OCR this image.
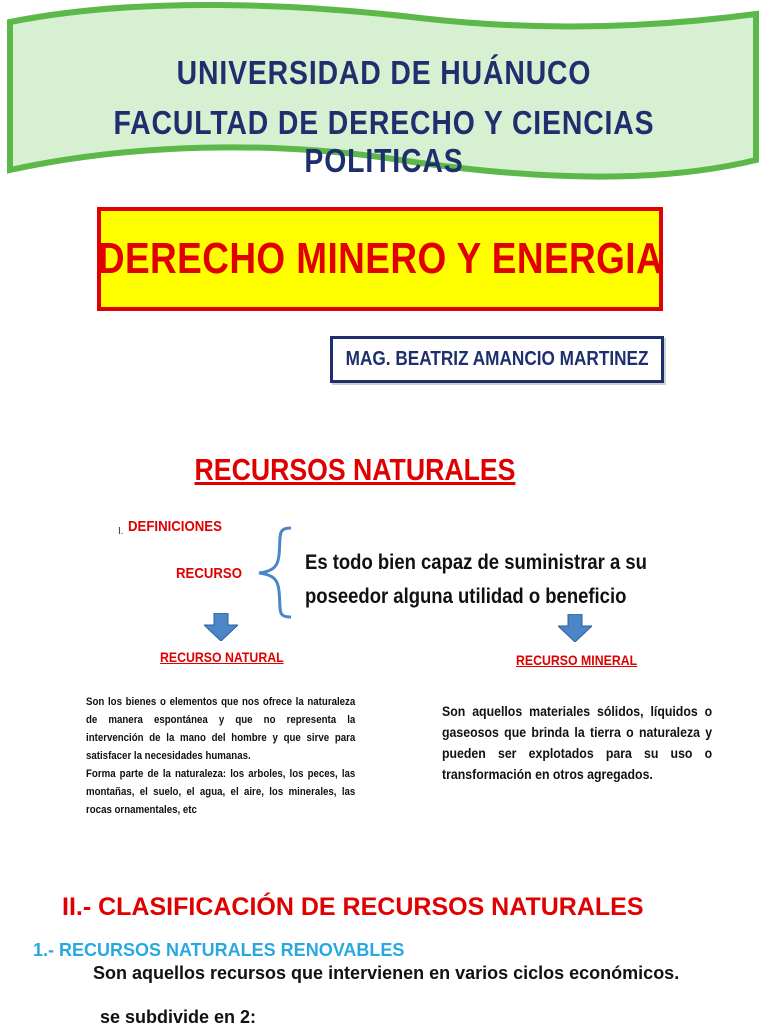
UNIVERSIDAD DE HUÁNUCO
FACULTAD DE DERECHO Y CIENCIAS POLITICAS
DERECHO MINERO Y ENERGIA
MAG. BEATRIZ AMANCIO MARTINEZ
RECURSOS NATURALES
I. DEFINICIONES
RECURSO	Es todo bien capaz de suministrar a su poseedor alguna utilidad o beneficio
RECURSO NATURAL	RECURSO MINERAL
Son los bienes o elementos que nos ofrece la naturaleza de manera espontánea y que no representa la intervención de la mano del hombre y que sirve para satisfacer la necesidades humanas.
Forma parte de la naturaleza: los arboles, los peces, las montañas, el suelo, el agua, el aire, los minerales, las rocas ornamentales, etc
Son aquellos materiales sólidos, líquidos o gaseosos que brinda la tierra o naturaleza y pueden ser explotados para su uso o transformación en otros agregados.
II.- CLASIFICACIÓN DE RECURSOS NATURALES
1.- RECURSOS NATURALES RENOVABLES
Son aquellos recursos que intervienen en varios ciclos económicos.
se subdivide en 2:
